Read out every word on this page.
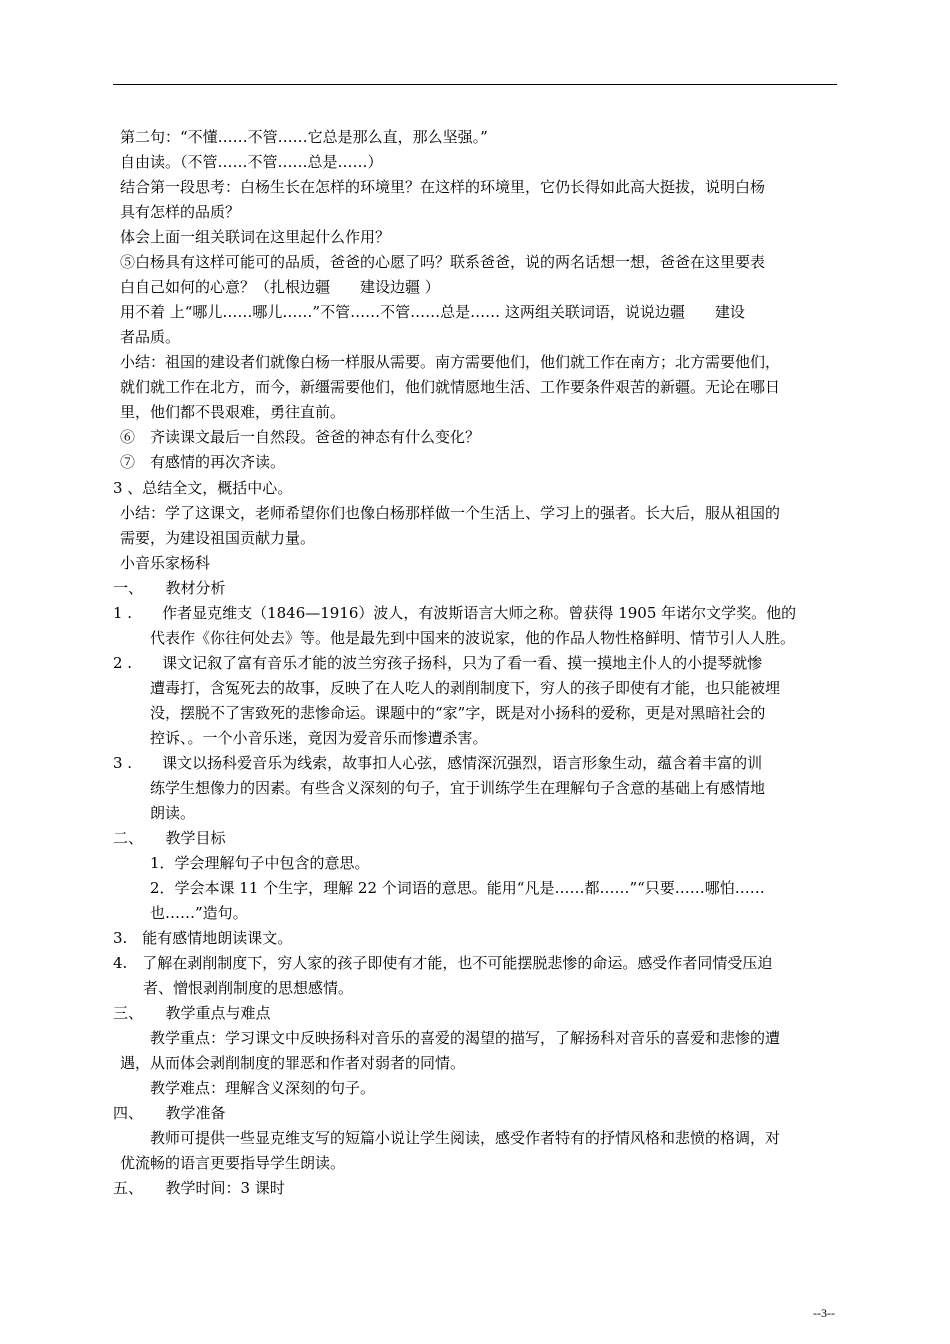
第二句：“不懂……不管……它总是那么直，那么坚强。”
自由读。（不管……不管……总是……）
结合第一段思考：白杨生长在怎样的环境里？在这样的环境里，它仍长得如此高大挺拔，说明白杨
具有怎样的品质？
体会上面一组关联词在这里起什么作用？
⑤白杨具有这样可能可的品质，爸爸的心愿了吗？联系爸爸，说的两名话想一想，爸爸在这里要表
白自己如何的心意？（扎根边疆　　建设边疆 ）
用不着 上“哪儿……哪儿……”不管……不管……总是…… 这两组关联词语，说说边疆　　建设
者品质。
小结：祖国的建设者们就像白杨一样服从需要。南方需要他们，他们就工作在南方；北方需要他们，
就们就工作在北方，而今，新缰需要他们，他们就情愿地生活、工作要条件艰苦的新疆。无论在哪日
里，他们都不畏艰难，勇往直前。
⑥　齐读课文最后一自然段。爸爸的神态有什么变化？
⑦　有感情的再次齐读。
3 、总结全文，概括中心。
小结：学了这课文，老师希望你们也像白杨那样做一个生活上、学习上的强者。长大后，服从祖国的
需要，为建设祖国贡献力量。
小音乐家杨科
一、　　教材分析
1 .　　作者显克维支（1846—1916）波人，有波斯语言大师之称。曾获得 1905 年诺尔文学奖。他的
　　代表作《你往何处去》等。他是最先到中国来的波说家，他的作品人物性格鲜明、情节引人人胜。
2 .　　课文记叙了富有音乐才能的波兰穷孩子扬科，只为了看一看、摸一摸地主仆人的小提琴就惨
　　遭毒打，含冤死去的故事，反映了在人吃人的剥削制度下，穷人的孩子即使有才能，也只能被埋
　　没，摆脱不了害致死的悲惨命运。课题中的“家”字，既是对小扬科的爱称，更是对黑暗社会的
　　控诉、。一个小音乐迷，竟因为爱音乐而惨遭杀害。
3 .　　课文以扬科爱音乐为线索，故事扣人心弦，感情深沉强烈，语言形象生动，蕴含着丰富的训
　　练学生想像力的因素。有些含义深刻的句子，宜于训练学生在理解句子含意的基础上有感情地
　　朗读。
二、　　教学目标
　　1．学会理解句子中包含的意思。
　　2．学会本课 11 个生字，理解 22 个词语的意思。能用“凡是……都……”“只要……哪怕……
　　也……”造句。
3.　能有感情地朗读课文。
4.　了解在剥削制度下，穷人家的孩子即使有才能，也不可能摆脱悲惨的命运。感受作者同情受压迫
　　者、憎恨剥削制度的思想感情。
三、　　教学重点与难点
　　教学重点：学习课文中反映扬科对音乐的喜爱的渴望的描写，了解扬科对音乐的喜爱和悲惨的遭
遇，从而体会剥削制度的罪恶和作者对弱者的同情。
　　教学难点：理解含义深刻的句子。
四、　　教学准备
　　教师可提供一些显克维支写的短篇小说让学生阅读，感受作者特有的抒情风格和悲愤的格调，对
优流畅的语言更要指导学生朗读。
五、　　教学时间：3 课时
--3--
